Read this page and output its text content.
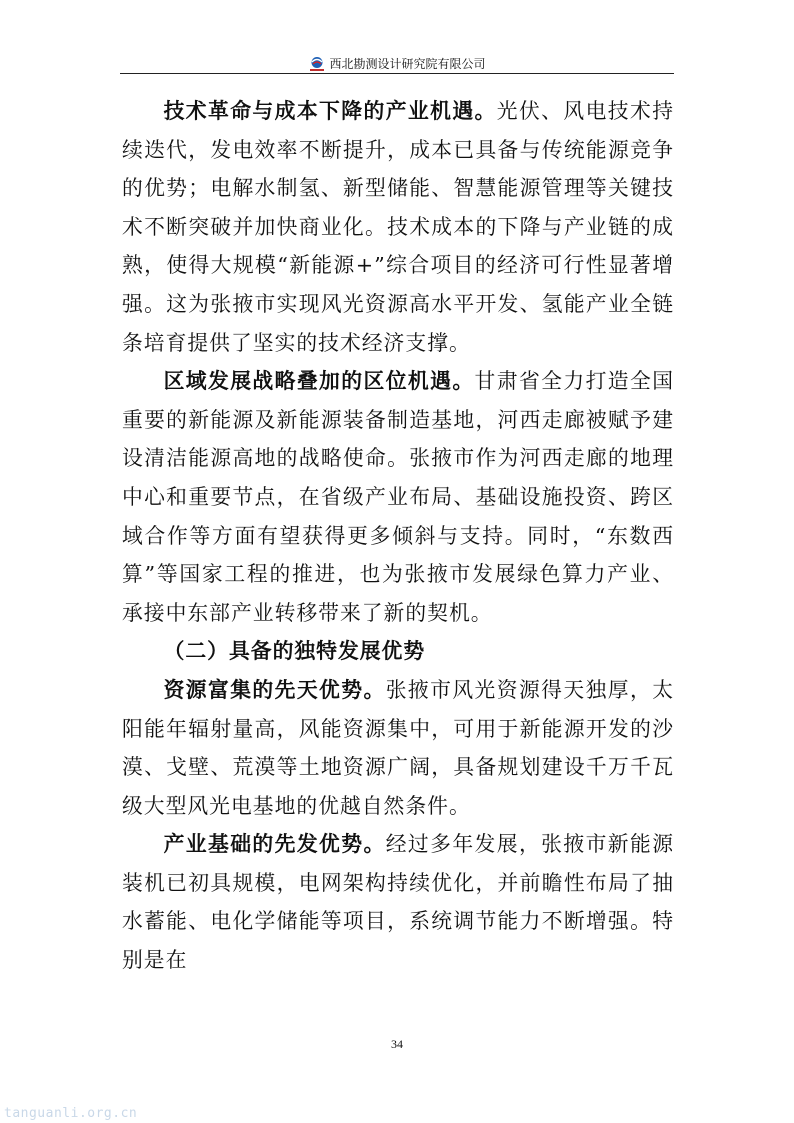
西北勘测设计研究院有限公司

技术革命与成本下降的产业机遇。光伏、风电技术持续迭代，发电效率不断提升，成本已具备与传统能源竞争的优势；电解水制氢、新型储能、智慧能源管理等关键技术不断突破并加快商业化。技术成本的下降与产业链的成熟，使得大规模“新能源+”综合项目的经济可行性显著增强。这为张掖市实现风光资源高水平开发、氢能产业全链条培育提供了坚实的技术经济支撑。

区域发展战略叠加的区位机遇。甘肃省全力打造全国重要的新能源及新能源装备制造基地，河西走廊被赋予建设清洁能源高地的战略使命。张掖市作为河西走廊的地理中心和重要节点，在省级产业布局、基础设施投资、跨区域合作等方面有望获得更多倾斜与支持。同时，“东数西算”等国家工程的推进，也为张掖市发展绿色算力产业、承接中东部产业转移带来了新的契机。

（二）具备的独特发展优势

资源富集的先天优势。张掖市风光资源得天独厚，太阳能年辐射量高，风能资源集中，可用于新能源开发的沙漠、戈壁、荒漠等土地资源广阔，具备规划建设千万千瓦级大型风光电基地的优越自然条件。

产业基础的先发优势。经过多年发展，张掖市新能源装机已初具规模，电网架构持续优化，并前瞻性布局了抽水蓄能、电化学储能等项目，系统调节能力不断增强。特别是在

34
tanguanli.org.cn
